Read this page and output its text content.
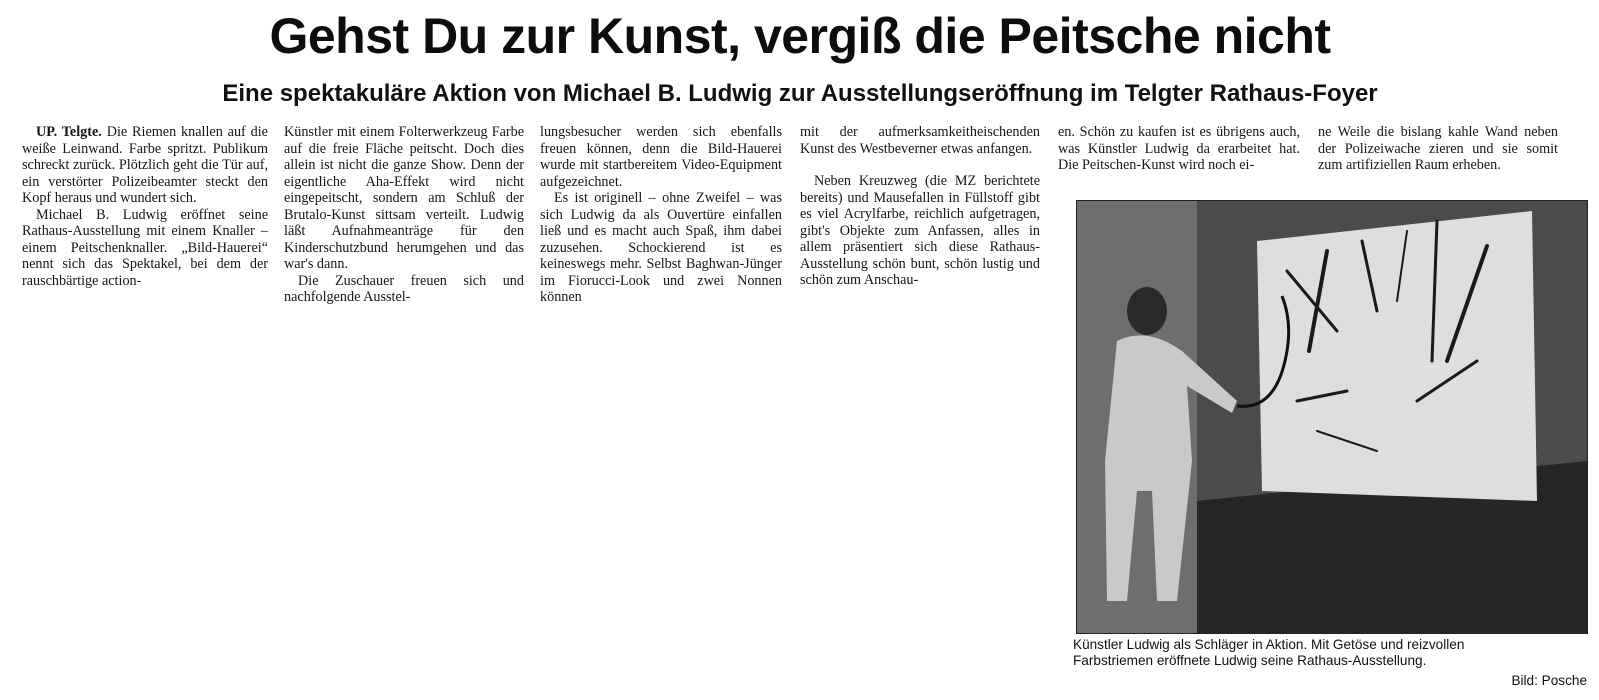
Gehst Du zur Kunst, vergiß die Peitsche nicht
Eine spektakuläre Aktion von Michael B. Ludwig zur Ausstellungseröffnung im Telgter Rathaus-Foyer

UP. Telgte. Die Riemen knallen auf die weiße Leinwand. Farbe spritzt. Publikum schreckt zurück. Plötzlich geht die Tür auf, ein verstörter Polizeibeamter steckt den Kopf heraus und wundert sich.

Michael B. Ludwig eröffnet seine Rathaus-Ausstellung mit einem Knaller – einem Peitschenknaller. „Bild-Hauerei“ nennt sich das Spektakel, bei dem der rauschbärtige action-

Künstler mit einem Folterwerkzeug Farbe auf die freie Fläche peitscht. Doch dies allein ist nicht die ganze Show. Denn der eigentliche Aha-Effekt wird nicht eingepeitscht, sondern am Schluß der Brutalo-Kunst sittsam verteilt. Ludwig läßt Aufnahmeanträge für den Kinderschutzbund herumgehen und das war's dann.

Die Zuschauer freuen sich und nachfolgende Ausstel-

lungsbesucher werden sich ebenfalls freuen können, denn die Bild-Hauerei wurde mit startbereitem Video-Equipment aufgezeichnet.

Es ist originell – ohne Zweifel – was sich Ludwig da als Ouvertüre einfallen ließ und es macht auch Spaß, ihm dabei zuzusehen. Schockierend ist es keineswegs mehr. Selbst Baghwan-Jünger im Fiorucci-Look und zwei Nonnen können

mit der aufmerksamkeitheischenden Kunst des Westbeverner etwas anfangen.

Neben Kreuzweg (die MZ berichtete bereits) und Mausefallen in Füllstoff gibt es viel Acrylfarbe, reichlich aufgetragen, gibt's Objekte zum Anfassen, alles in allem präsentiert sich diese Rathaus-Ausstellung schön bunt, schön lustig und schön zum Anschau-

en. Schön zu kaufen ist es übrigens auch, was Künstler Ludwig da erarbeitet hat. Die Peitschen-Kunst wird noch ei-

ne Weile die bislang kahle Wand neben der Polizeiwache zieren und sie somit zum artifiziellen Raum erheben.

Künstler Ludwig als Schläger in Aktion. Mit Getöse und reizvollen

Farbstriemen eröffnete Ludwig seine Rathaus-Ausstellung.

Bild: Posche
